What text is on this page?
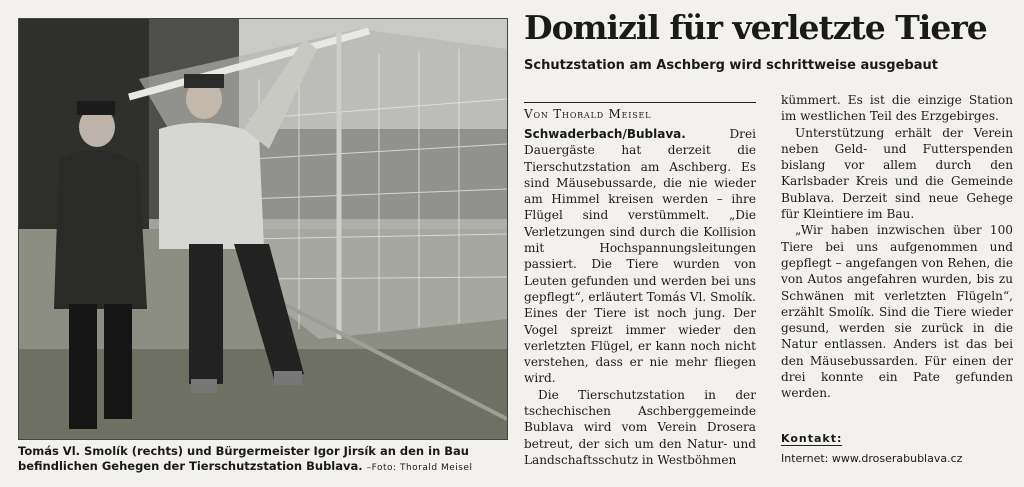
Tomás Vl. Smolík (rechts) und Bürgermeister Igor Jirsík an den in Bau befindlichen Gehegen der Tierschutzstation Bublava. –Foto: Thorald Meisel
Domizil für verletzte Tiere
Schutzstation am Aschberg wird schrittweise ausgebaut
Von Thorald Meisel

Schwaderbach/Bublava.	Drei Dauergäste hat derzeit die Tierschutzstation am Aschberg. Es sind Mäusebussarde, die nie wieder am Himmel kreisen werden – ihre Flügel sind verstümmelt. „Die Verletzungen sind durch die Kollision mit Hochspannungsleitungen passiert. Die Tiere wurden von Leuten gefunden und werden bei uns gepflegt“, erläutert Tomás Vl. Smolík. Eines der Tiere ist noch jung. Der Vogel spreizt immer wieder den verletzten Flügel, er kann noch nicht verstehen, dass er nie mehr fliegen wird.

Die Tierschutzstation in der tschechischen Aschberggemeinde Bublava wird vom Verein Drosera betreut, der sich um den Natur- und Landschaftsschutz in Westböhmen

kümmert. Es ist die einzige Station im westlichen Teil des Erzgebirges.

Unterstützung erhält der Verein neben Geld- und Futterspenden bislang vor allem durch den Karlsbader Kreis und die Gemeinde Bublava. Derzeit sind neue Gehege für Kleintiere im Bau.

„Wir haben inzwischen über 100 Tiere bei uns aufgenommen und gepflegt – angefangen von Rehen, die von Autos angefahren wurden, bis zu Schwänen mit verletzten Flügeln“, erzählt Smolík. Sind die Tiere wieder gesund, werden sie zurück in die Natur entlassen. Anders ist das bei den Mäusebussarden. Für einen der drei konnte ein Pate gefunden werden.

Kontakt:
Internet: www.droserabublava.cz
